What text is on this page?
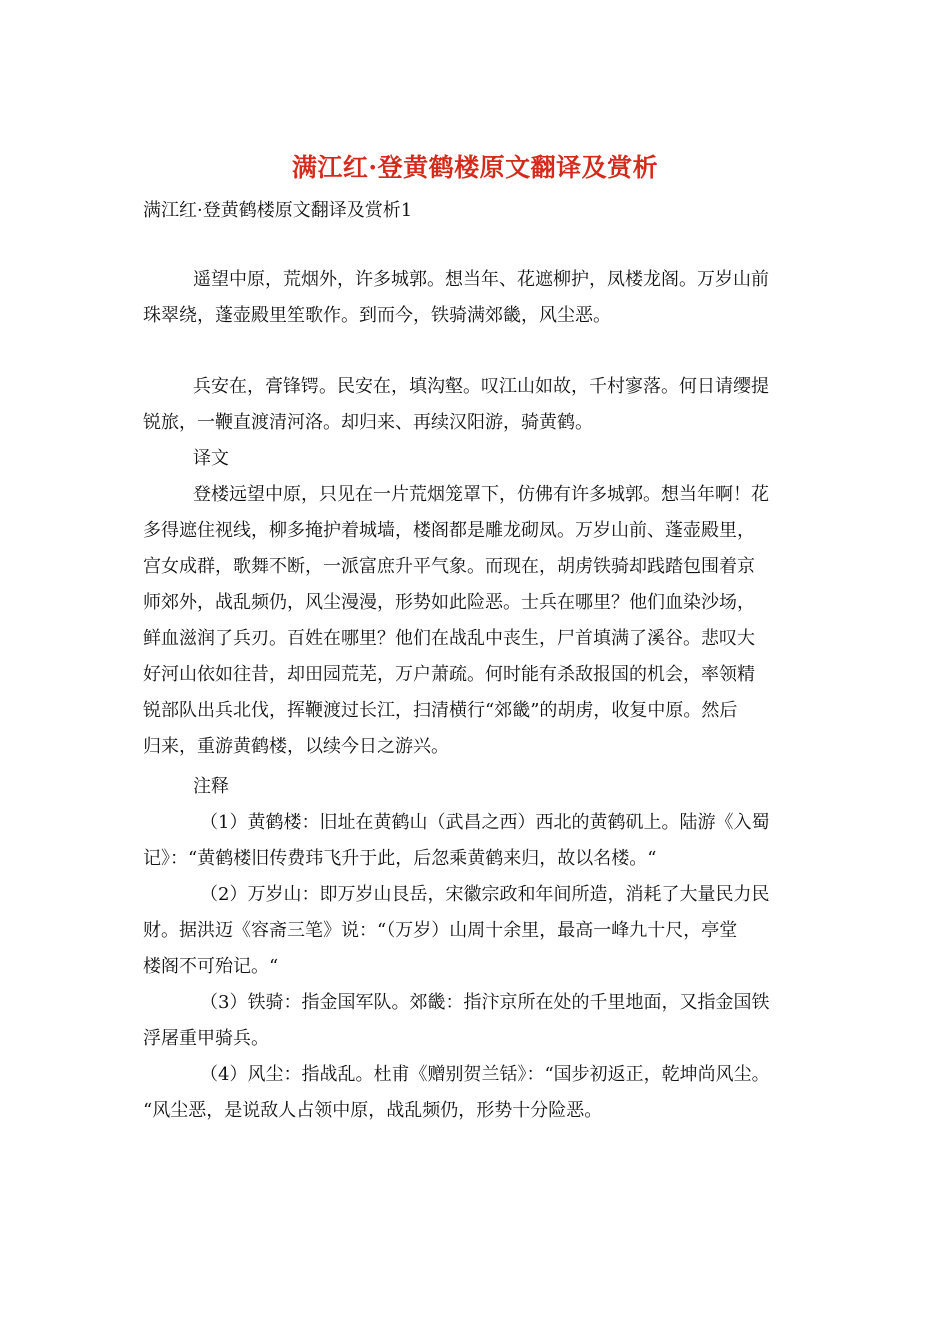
满江红·登黄鹤楼原文翻译及赏析
满江红·登黄鹤楼原文翻译及赏析1
遥望中原，荒烟外，许多城郭。想当年、花遮柳护，凤楼龙阁。万岁山前
珠翠绕，蓬壶殿里笙歌作。到而今，铁骑满郊畿，风尘恶。
兵安在，膏锋锷。民安在，填沟壑。叹江山如故，千村寥落。何日请缨提
锐旅，一鞭直渡清河洛。却归来、再续汉阳游，骑黄鹤。
译文
登楼远望中原，只见在一片荒烟笼罩下，仿佛有许多城郭。想当年啊！花
多得遮住视线，柳多掩护着城墙，楼阁都是雕龙砌凤。万岁山前、蓬壶殿里，
宫女成群，歌舞不断，一派富庶升平气象。而现在，胡虏铁骑却践踏包围着京
师郊外，战乱频仍，风尘漫漫，形势如此险恶。士兵在哪里？他们血染沙场，
鲜血滋润了兵刃。百姓在哪里？他们在战乱中丧生，尸首填满了溪谷。悲叹大
好河山依如往昔，却田园荒芜，万户萧疏。何时能有杀敌报国的机会，率领精
锐部队出兵北伐，挥鞭渡过长江，扫清横行“郊畿”的胡虏，收复中原。然后
归来，重游黄鹤楼，以续今日之游兴。
注释
（1）黄鹤楼：旧址在黄鹤山（武昌之西）西北的黄鹤矶上。陆游《入蜀
记》：“黄鹤楼旧传费玮飞升于此，后忽乘黄鹤来归，故以名楼。“
（2）万岁山：即万岁山艮岳，宋徽宗政和年间所造，消耗了大量民力民
财。据洪迈《容斋三笔》说：“（万岁）山周十余里，最高一峰九十尺，亭堂
楼阁不可殆记。“
（3）铁骑：指金国军队。郊畿：指汴京所在处的千里地面，又指金国铁
浮屠重甲骑兵。
（4）风尘：指战乱。杜甫《赠别贺兰铦》：“国步初返正，乾坤尚风尘。
“风尘恶，是说敌人占领中原，战乱频仍，形势十分险恶。
